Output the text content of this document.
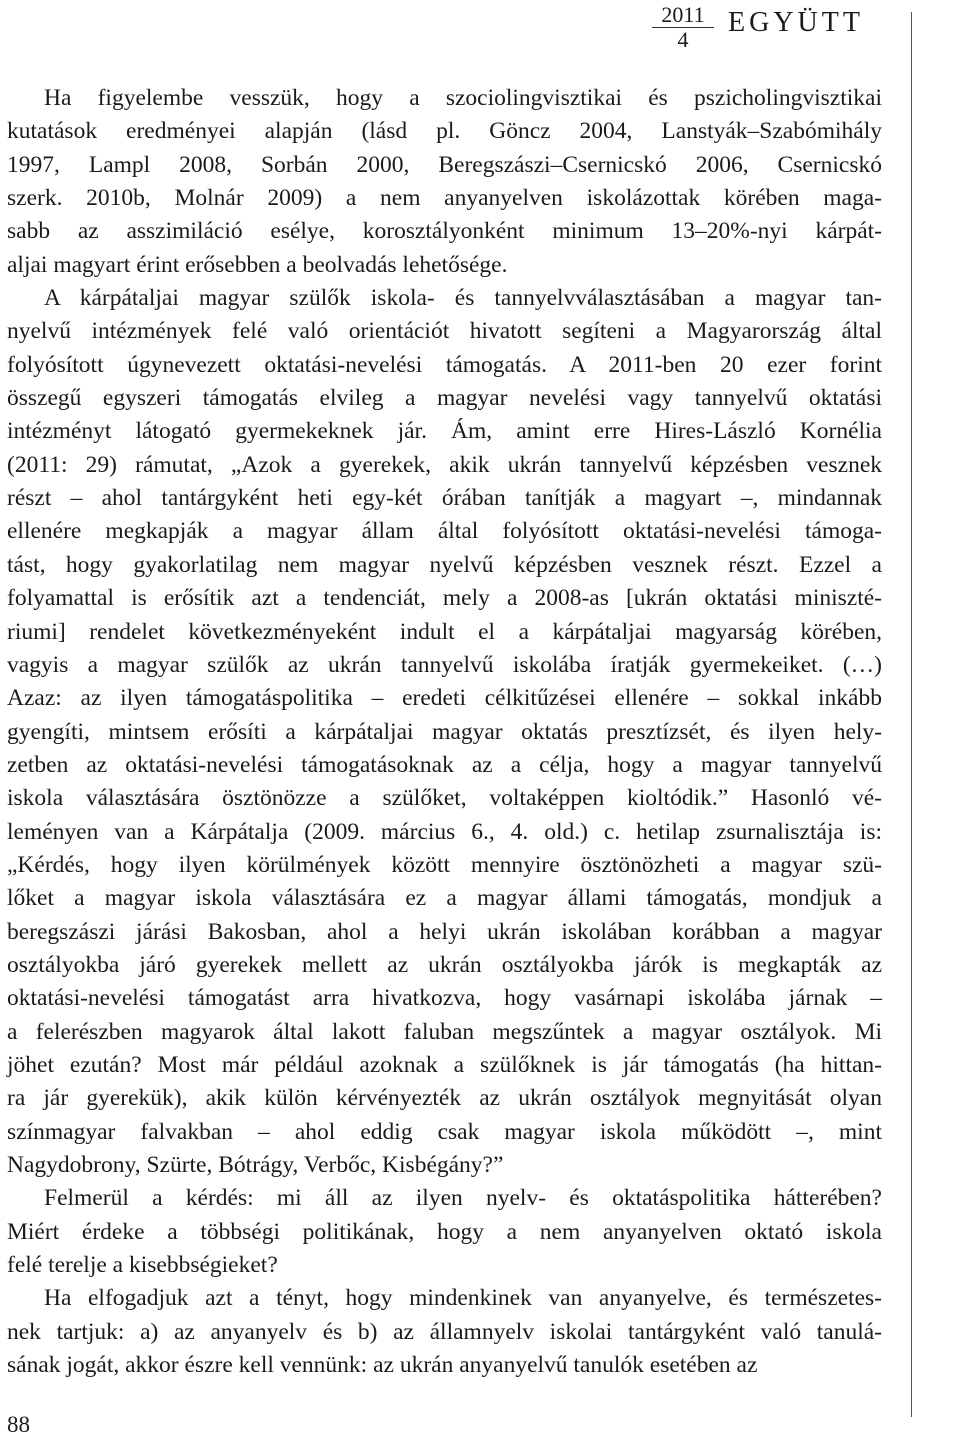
$\frac{2011}{4}$ EGYÜTT
Ha figyelembe vesszük, hogy a szociolingvisztikai és pszicholingvisztikai
kutatások eredményei alapján (lásd pl. Göncz 2004, Lanstyák–Szabómihály
1997, Lampl 2008, Sorbán 2000, Beregszászi–Csernicskó 2006, Csernicskó
szerk. 2010b, Molnár 2009) a nem anyanyelven iskolázottak körében maga-
sabb az asszimiláció esélye, korosztályonként minimum 13–20%-nyi kárpát-
aljai magyart érint erősebben a beolvadás lehetősége.
A kárpátaljai magyar szülők iskola- és tannyelvválasztásában a magyar tan-
nyelvű intézmények felé való orientációt hivatott segíteni a Magyarország által
folyósított úgynevezett oktatási-nevelési támogatás. A 2011-ben 20 ezer forint
összegű egyszeri támogatás elvileg a magyar nevelési vagy tannyelvű oktatási
intézményt látogató gyermekeknek jár. Ám, amint erre Hires-László Kornélia
(2011: 29) rámutat, „Azok a gyerekek, akik ukrán tannyelvű képzésben vesznek
részt – ahol tantárgyként heti egy-két órában tanítják a magyart –, mindannak
ellenére megkapják a magyar állam által folyósított oktatási-nevelési támoga-
tást, hogy gyakorlatilag nem magyar nyelvű képzésben vesznek részt. Ezzel a
folyamattal is erősítik azt a tendenciát, mely a 2008-as [ukrán oktatási miniszté-
riumi] rendelet következményeként indult el a kárpátaljai magyarság körében,
vagyis a magyar szülők az ukrán tannyelvű iskolába íratják gyermekeiket. (…)
Azaz: az ilyen támogatáspolitika – eredeti célkitűzései ellenére – sokkal inkább
gyengíti, mintsem erősíti a kárpátaljai magyar oktatás presztízsét, és ilyen hely-
zetben az oktatási-nevelési támogatásoknak az a célja, hogy a magyar tannyelvű
iskola választására ösztönözze a szülőket, voltaképpen kioltódik.” Hasonló vé-
leményen van a Kárpátalja (2009. március 6., 4. old.) c. hetilap zsurnalisztája is:
„Kérdés, hogy ilyen körülmények között mennyire ösztönözheti a magyar szü-
lőket a magyar iskola választására ez a magyar állami támogatás, mondjuk a
beregszászi járási Bakosban, ahol a helyi ukrán iskolában korábban a magyar
osztályokba járó gyerekek mellett az ukrán osztályokba járók is megkapták az
oktatási-nevelési támogatást arra hivatkozva, hogy vasárnapi iskolába járnak –
a felerészben magyarok által lakott faluban megszűntek a magyar osztályok. Mi
jöhet ezután? Most már például azoknak a szülőknek is jár támogatás (ha hittan-
ra jár gyerekük), akik külön kérvényezték az ukrán osztályok megnyitását olyan
színmagyar falvakban – ahol eddig csak magyar iskola működött –, mint
Nagydobrony, Szürte, Bótrágy, Verbőc, Kisbégány?”
Felmerül a kérdés: mi áll az ilyen nyelv- és oktatáspolitika hátterében?
Miért érdeke a többségi politikának, hogy a nem anyanyelven oktató iskola
felé terelje a kisebbségieket?
Ha elfogadjuk azt a tényt, hogy mindenkinek van anyanyelve, és természetes-
nek tartjuk: a) az anyanyelv és b) az államnyelv iskolai tantárgyként való tanulá-
sának jogát, akkor észre kell vennünk: az ukrán anyanyelvű tanulók esetében az
88
